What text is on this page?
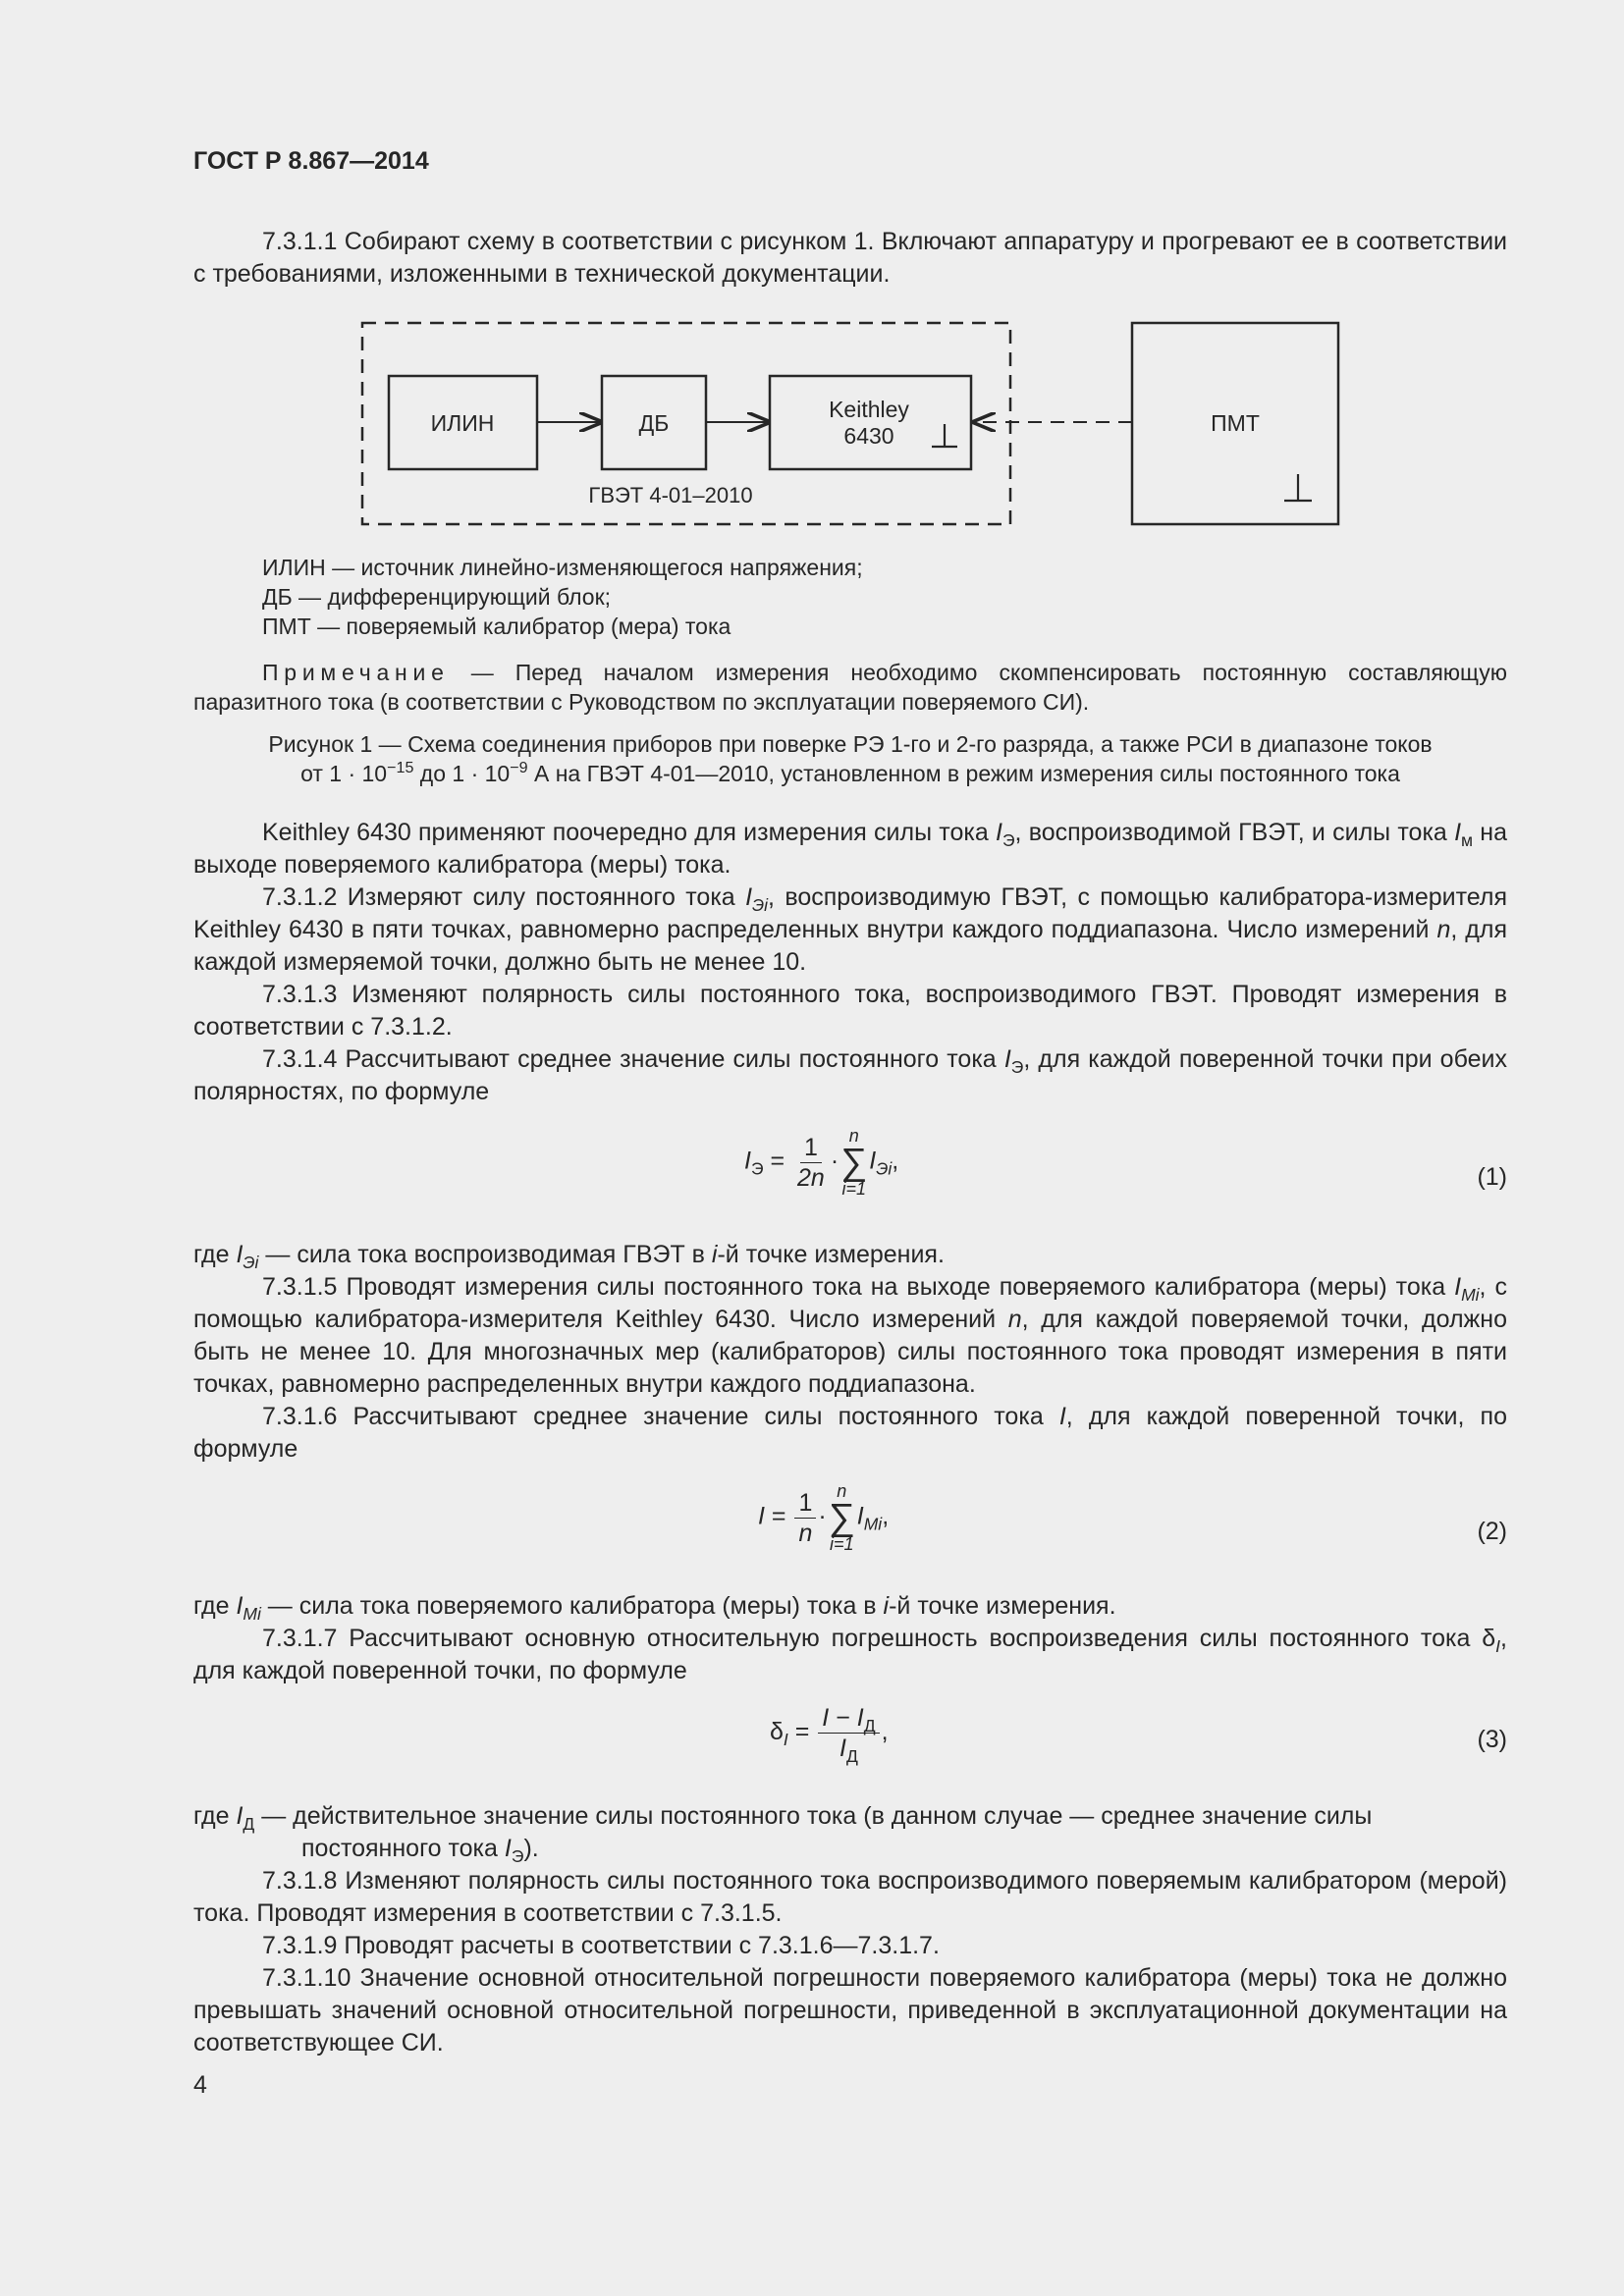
ГОСТ Р 8.867—2014
7.3.1.1 Собирают схему в соответствии с рисунком 1. Включают аппаратуру и прогревают ее в соответствии с требованиями, изложенными в технической документации.
ИЛИН	ДБ
Keithley
6430
ГВЭТ 4-01–2010
ПМТ
ИЛИН — источник линейно-изменяющегося напряжения;
ДБ — дифференцирующий блок;
ПМТ — поверяемый калибратор (мера) тока
Примечание — Перед началом измерения необходимо скомпенсировать постоянную составляющую паразитного тока (в соответствии с Руководством по эксплуатации поверяемого СИ).
Рисунок 1 — Схема соединения приборов при поверке РЭ 1-го и 2-го разряда, а также РСИ в диапазоне токов
от $1 \cdot 10^{-15}$ до $1 \cdot 10^{-9}$ А на ГВЭТ 4-01—2010, установленном в режим измерения силы постоянного тока
Keithley 6430 применяют поочередно для измерения силы тока $I_Э$, воспроизводимой ГВЭТ, и силы тока $I_м$ на выходе поверяемого калибратора (меры) тока.
7.3.1.2 Измеряют силу постоянного тока $I_{Эi}$, воспроизводимую ГВЭТ, с помощью калибратора-измерителя Keithley 6430 в пяти точках, равномерно распределенных внутри каждого поддиапазона. Число измерений n, для каждой измеряемой точки, должно быть не менее 10.
7.3.1.3 Изменяют полярность силы постоянного тока, воспроизводимого ГВЭТ. Проводят измерения в соответствии с 7.3.1.2.
7.3.1.4 Рассчитывают среднее значение силы постоянного тока $I_Э$, для каждой поверенной точки при обеих полярностях, по формуле
$I_Э = \frac{1}{2n}$ ·
n
∑
i=1
$I_{Эi}$,
(1)
где $I_{Эi}$ — сила тока воспроизводимая ГВЭТ в i-й точке измерения.
7.3.1.5 Проводят измерения силы постоянного тока на выходе поверяемого калибратора (меры) тока $I_{Мi}$, с помощью калибратора-измерителя Keithley 6430. Число измерений n, для каждой поверяемой точки, должно быть не менее 10. Для многозначных мер (калибраторов) силы постоянного тока проводят измерения в пяти точках, равномерно распределенных внутри каждого поддиапазона.
7.3.1.6 Рассчитывают среднее значение силы постоянного тока I, для каждой поверенной точки, по формуле
$I = \frac{1}{n}$ ·
n
∑
i=1
$I_{Мi}$,
(2)
где $I_{Мi}$ — сила тока поверяемого калибратора (меры) тока в i-й точке измерения.
7.3.1.7 Рассчитывают основную относительную погрешность воспроизведения силы постоянного тока $\delta_I$, для каждой поверенной точки, по формуле
$\delta_I = \frac{I - I_Д}{I_Д}$ ,	(3)
где $I_Д$ — действительное значение силы постоянного тока (в данном случае — среднее значение силы
постоянного тока $I_Э$).
7.3.1.8 Изменяют полярность силы постоянного тока воспроизводимого поверяемым калибратором (мерой) тока. Проводят измерения в соответствии с 7.3.1.5.
7.3.1.9 Проводят расчеты в соответствии с 7.3.1.6—7.3.1.7.
7.3.1.10 Значение основной относительной погрешности поверяемого калибратора (меры) тока не должно превышать значений основной относительной погрешности, приведенной в эксплуатационной документации на соответствующее СИ.
4
